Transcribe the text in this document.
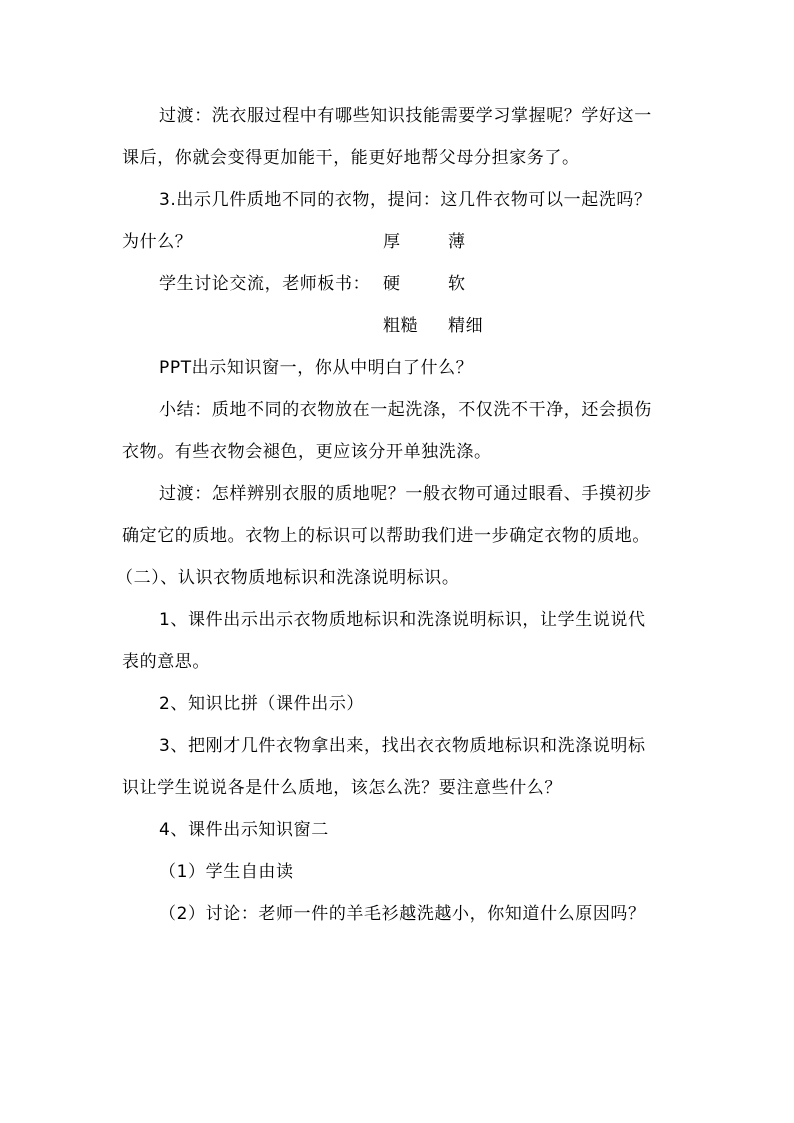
过渡：洗衣服过程中有哪些知识技能需要学习掌握呢？学好这一
课后，你就会变得更加能干，能更好地帮父母分担家务了。
3.出示几件质地不同的衣物，提问：这几件衣物可以一起洗吗？
为什么？	厚	薄
学生讨论交流，老师板书： 硬	软
粗糙 精细
PPT出示知识窗一，你从中明白了什么？
小结：质地不同的衣物放在一起洗涤，不仅洗不干净，还会损伤
衣物。有些衣物会褪色，更应该分开单独洗涤。
过渡：怎样辨别衣服的质地呢？一般衣物可通过眼看、手摸初步
确定它的质地。衣物上的标识可以帮助我们进一步确定衣物的质地。
（二）、认识衣物质地标识和洗涤说明标识。
1、课件出示出示衣物质地标识和洗涤说明标识，让学生说说代
表的意思。
2、知识比拼（课件出示）
3、把刚才几件衣物拿出来，找出衣衣物质地标识和洗涤说明标
识让学生说说各是什么质地，该怎么洗？要注意些什么？
4、课件出示知识窗二
（1）学生自由读
（2）讨论：老师一件的羊毛衫越洗越小，你知道什么原因吗？
